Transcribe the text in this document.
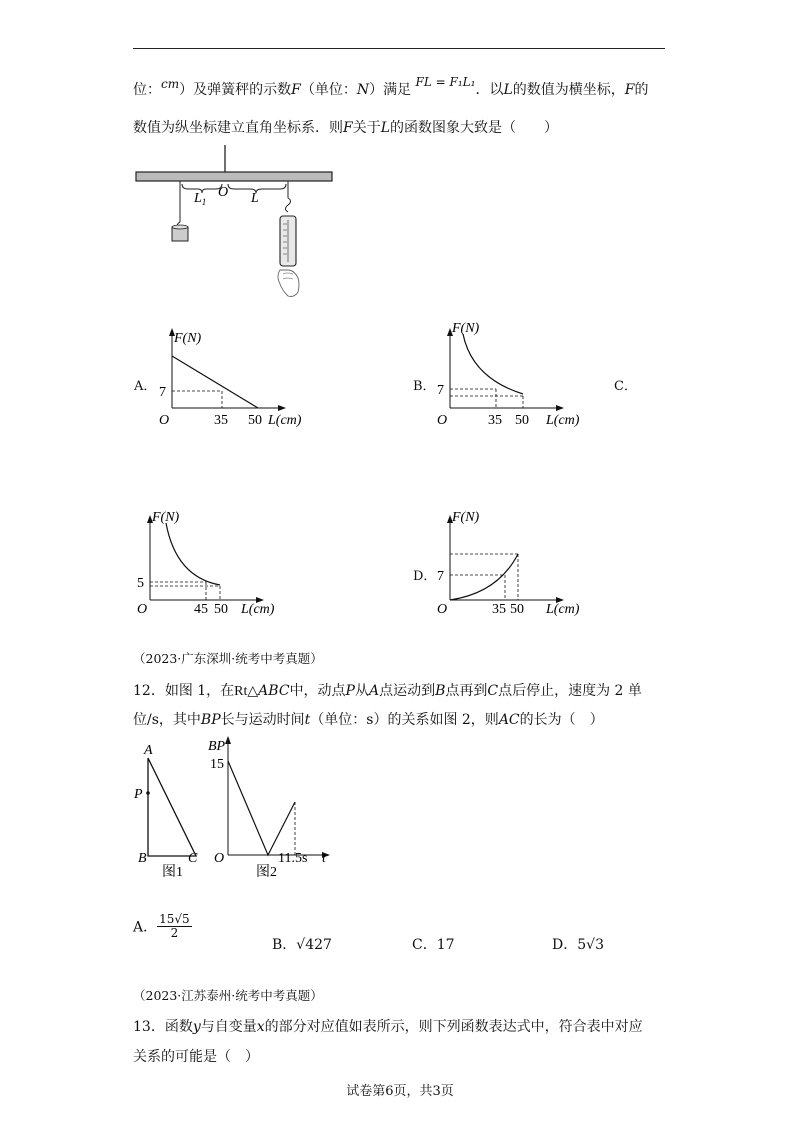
位：cm）及弹簧秤的示数F（单位：N）满足 FL = F₁L₁．以L的数值为横坐标，F的
数值为纵坐标建立直角坐标系．则F关于L的函数图象大致是（　　）
$L_1$
O L
A．
F(N)
7
O	35 50 L(cm)
B．
F(N)
7
O	35 50 L(cm)
C．
F(N)
5
O	45 50 L(cm)
D．
F(N)
7
O	35 50 L(cm)
（2023·广东深圳·统考中考真题）
12．如图 1，在Rt△ABC中，动点P从A点运动到B点再到C点后停止，速度为 2 单
位/s，其中BP长与运动时间t（单位：s）的关系如图 2，则AC的长为（　）
A
P
B	C
图1
BP
15
O	11.5s t
图2
A． $\frac{15√5}{2}$
B．√427	C．17	D．5√3
（2023·江苏泰州·统考中考真题）
13．函数y与自变量x的部分对应值如表所示，则下列函数表达式中，符合表中对应
关系的可能是（　）
试卷第6页，共3页
